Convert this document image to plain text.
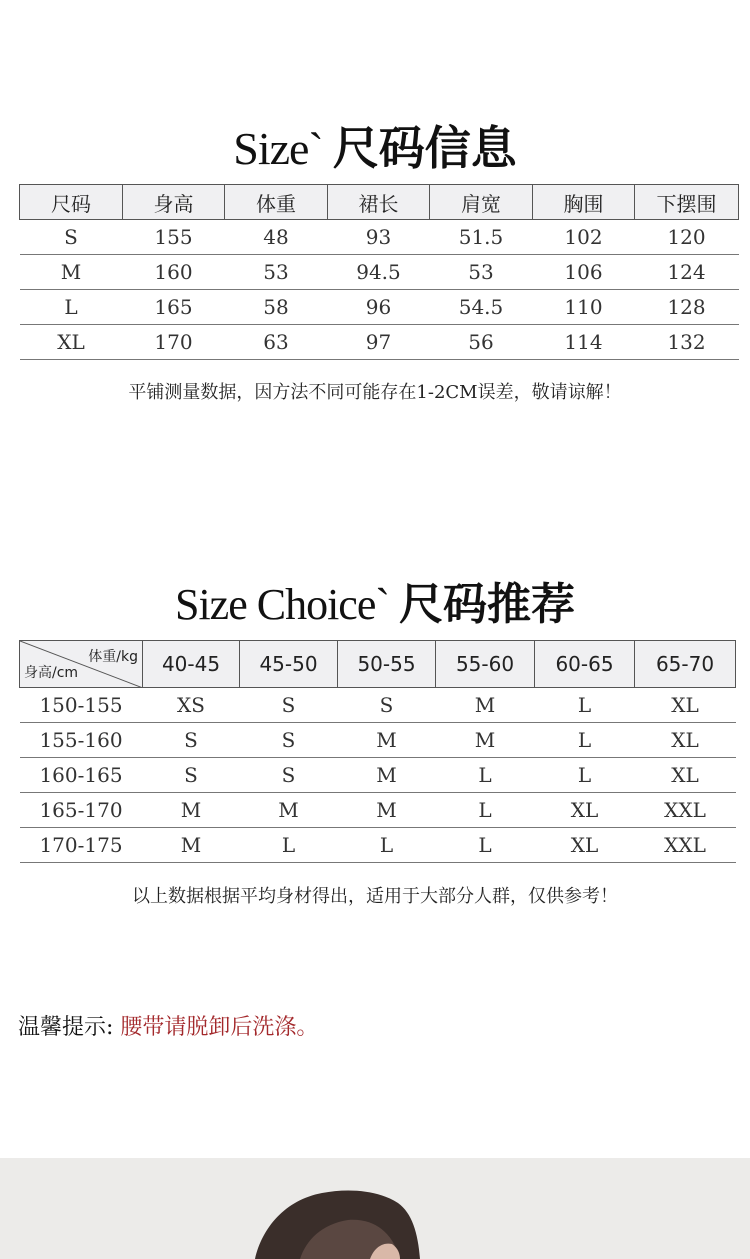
Size` 尺码信息
尺码	身高	体重	裙长	肩宽	胸围	下摆围
S	155	48	93	51.5	102	120
M	160	53	94.5	53	106	124
L	165	58	96	54.5	110	128
XL	170	63	97	56	114	132
平铺测量数据，因方法不同可能存在1-2CM误差，敬请谅解！
Size Choice` 尺码推荐
体重/kg
身高/cm	40-45	45-50	50-55	55-60	60-65	65-70
150-155	XS	S	S	M	L	XL
155-160	S	S	M	M	L	XL
160-165	S	S	M	L	L	XL
165-170	M	M	M	L	XL	XXL
170-175	M	L	L	L	XL	XXL
以上数据根据平均身材得出，适用于大部分人群，仅供参考！
温馨提示: 腰带请脱卸后洗涤。
